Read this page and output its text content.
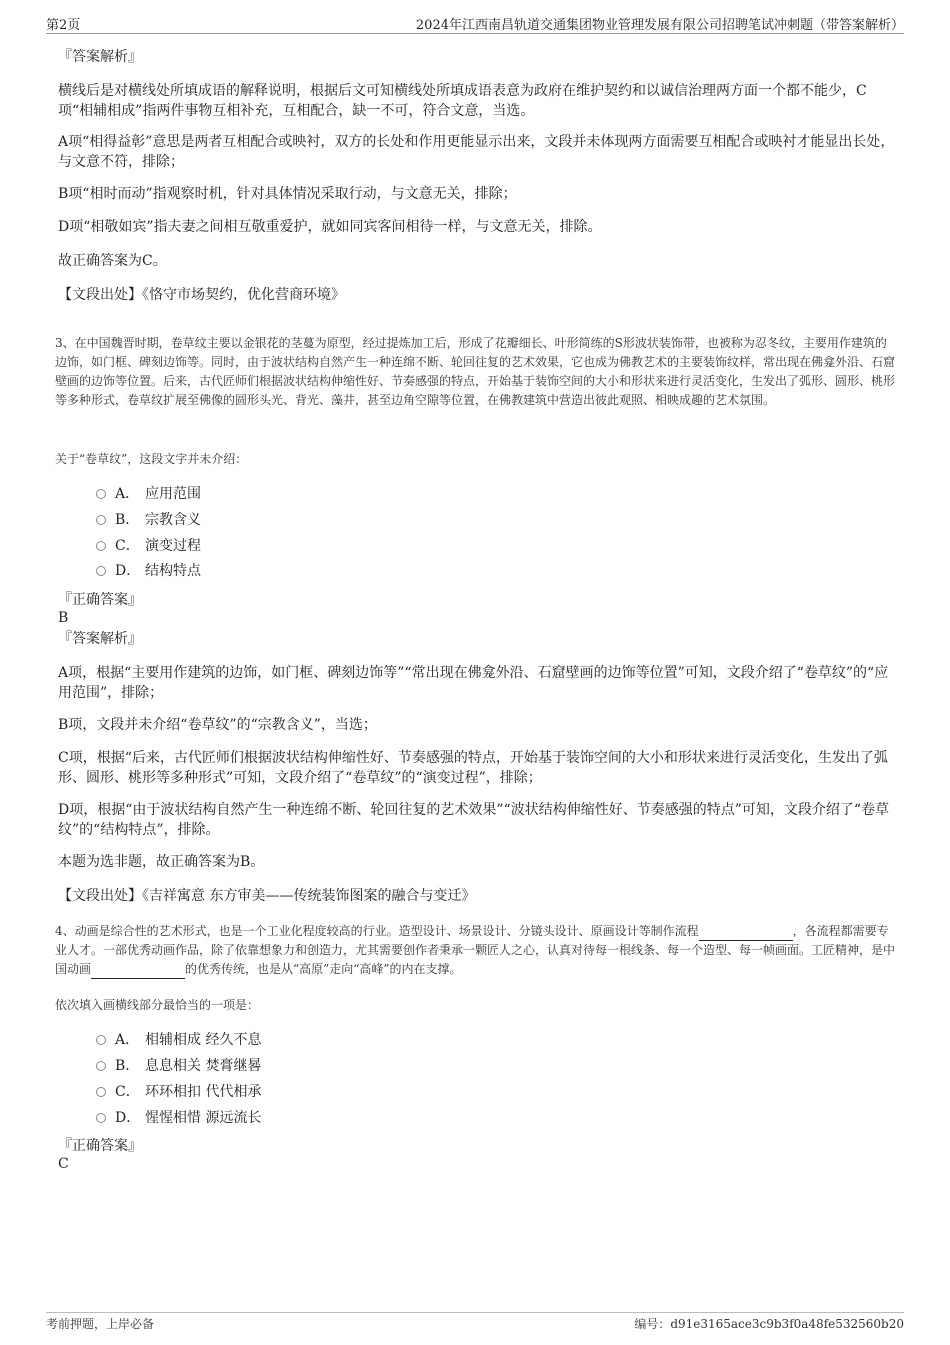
第2页	2024年江西南昌轨道交通集团物业管理发展有限公司招聘笔试冲刺题（带答案解析）
『答案解析』
横线后是对横线处所填成语的解释说明，根据后文可知横线处所填成语表意为政府在维护契约和以诚信治理两方面一个都不能少，C项“相辅相成”指两件事物互相补充，互相配合，缺一不可，符合文意，当选。
A项“相得益彰”意思是两者互相配合或映衬，双方的长处和作用更能显示出来，文段并未体现两方面需要互相配合或映衬才能显出长处，与文意不符，排除；
B项“相时而动”指观察时机，针对具体情况采取行动，与文意无关，排除；
D项“相敬如宾”指夫妻之间相互敬重爱护，就如同宾客间相待一样，与文意无关，排除。
故正确答案为C。
【文段出处】《恪守市场契约，优化营商环境》
3、在中国魏晋时期，卷草纹主要以金银花的茎蔓为原型，经过提炼加工后，形成了花瓣细长、叶形简练的S形波状装饰带，也被称为忍冬纹，主要用作建筑的边饰，如门框、碑刻边饰等。同时，由于波状结构自然产生一种连绵不断、轮回往复的艺术效果，它也成为佛教艺术的主要装饰纹样，常出现在佛龛外沿、石窟壁画的边饰等位置。后来，古代匠师们根据波状结构伸缩性好、节奏感强的特点，开始基于装饰空间的大小和形状来进行灵活变化，生发出了弧形、圆形、桃形等多种形式，卷草纹扩展至佛像的圆形头光、背光、藻井，甚至边角空隙等位置，在佛教建筑中营造出彼此观照、相映成趣的艺术氛围。
关于“卷草纹”，这段文字并未介绍：
A． 应用范围
B． 宗教含义
C． 演变过程
D． 结构特点
『正确答案』
B
『答案解析』
A项，根据“主要用作建筑的边饰，如门框、碑刻边饰等”“常出现在佛龛外沿、石窟壁画的边饰等位置”可知，文段介绍了“卷草纹”的“应用范围”，排除；
B项，文段并未介绍“卷草纹”的“宗教含义”，当选；
C项，根据“后来，古代匠师们根据波状结构伸缩性好、节奏感强的特点，开始基于装饰空间的大小和形状来进行灵活变化，生发出了弧形、圆形、桃形等多种形式”可知，文段介绍了“卷草纹”的“演变过程”，排除；
D项，根据“由于波状结构自然产生一种连绵不断、轮回往复的艺术效果”“波状结构伸缩性好、节奏感强的特点”可知，文段介绍了“卷草纹”的“结构特点”，排除。
本题为选非题，故正确答案为B。
【文段出处】《吉祥寓意 东方审美——传统装饰图案的融合与变迁》
4、动画是综合性的艺术形式，也是一个工业化程度较高的行业。造型设计、场景设计、分镜头设计、原画设计等制作流程	，各流程都需要专业人才。一部优秀动画作品，除了依靠想象力和创造力，尤其需要创作者秉承一颗匠人之心，认真对待每一根线条、每一个造型、每一帧画面。工匠精神，是中国动画	的优秀传统，也是从“高原”走向“高峰”的内在支撑。
依次填入画横线部分最恰当的一项是：
A． 相辅相成 经久不息
B． 息息相关 焚膏继晷
C． 环环相扣 代代相承
D． 惺惺相惜 源远流长
『正确答案』
C
考前押题，上岸必备	编号：d91e3165ace3c9b3f0a48fe532560b20
